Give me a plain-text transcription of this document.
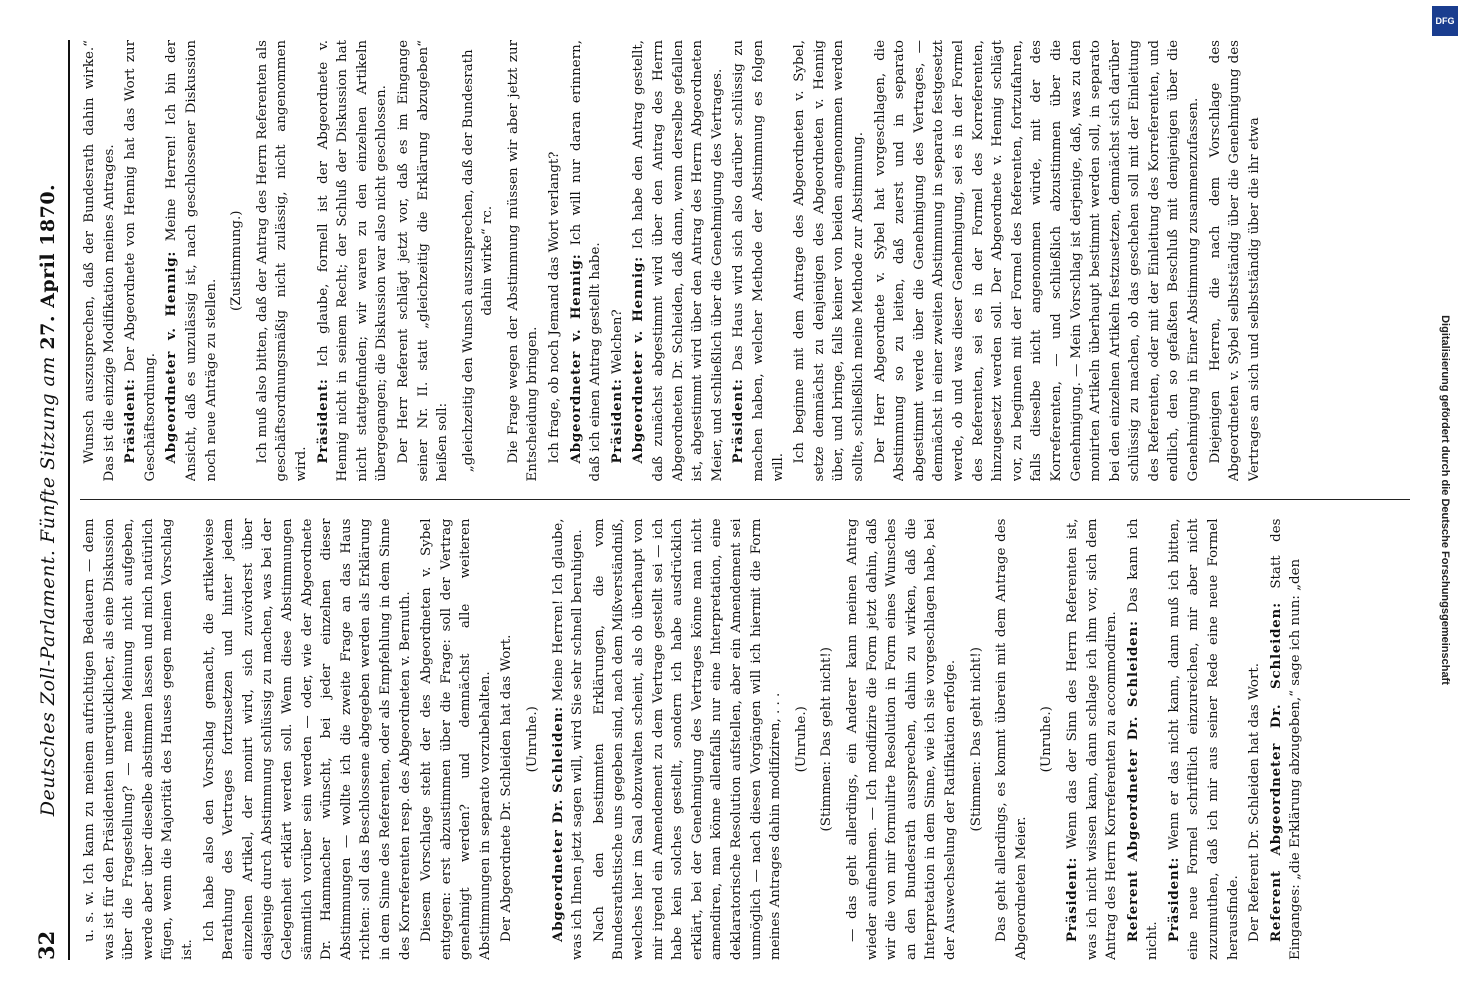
32
Deutsches Zoll-Parlament. Fünfte Sitzung am 27. April 1870.

u. s. w. Ich kann zu meinem aufrichtigen Bedauern — denn was ist für den Präsidenten unerquicklicher, als eine Diskussion über die Fragestellung? — meine Meinung nicht aufgeben, werde aber über dieselbe abstimmen lassen und mich natürlich fügen, wenn die Majorität des Hauses gegen meinen Vorschlag ist.

Ich habe also den Vorschlag gemacht, die artikelweise Berathung des Vertrages fortzusetzen und hinter jedem einzelnen Artikel, der monirt wird, sich zuvörderst über dasjenige durch Abstimmung schlüssig zu machen, was bei der Gelegenheit erklärt werden soll. Wenn diese Abstimmungen sämmtlich vorüber sein werden — oder, wie der Abgeordnete Dr. Hammacher wünscht, bei jeder einzelnen dieser Abstimmungen — wollte ich die zweite Frage an das Haus richten: soll das Beschlossene abgegeben werden als Erklärung in dem Sinne des Referenten, oder als Empfehlung in dem Sinne des Korreferenten resp. des Abgeordneten v. Bernuth. Diesem Vorschlage steht der des Abgeordneten v. Sybel entgegen: erst abzustimmen über die Frage: soll der Vertrag genehmigt werden? und demnächst alle weiteren Abstimmungen in separato vorzubehalten. Der Abgeordnete Dr. Schleiden hat das Wort. (Unruhe.) Abgeordneter Dr. Schleiden: Meine Herren! Ich glaube, was ich Ihnen jetzt sagen will, wird Sie sehr schnell beruhigen. Nach den bestimmten Erklärungen, die vom Bundesrathstische uns gegeben sind, nach dem Mißverständniß, welches hier im Saal obzuwalten scheint, als ob überhaupt von mir irgend ein Amendement zu dem Vertrage gestellt sei — ich habe kein solches gestellt, sondern ich habe ausdrücklich erklärt, bei der Genehmigung des Vertrages könne man nicht amendiren, man könne allenfalls nur eine Interpretation, eine deklaratorische Resolution aufstellen, aber ein Amendement sei unmöglich — nach diesen Vorgängen will ich hiermit die Form meines Antrages dahin modifiziren, . . . (Unruhe.) (Stimmen: Das geht nicht!) — das geht allerdings, ein Anderer kann meinen Antrag wieder aufnehmen. — Ich modifizire die Form jetzt dahin, daß wir die von mir formulirte Resolution in Form eines Wunsches an den Bundesrath aussprechen, dahin zu wirken, daß die Interpretation in dem Sinne, wie ich sie vorgeschlagen habe, bei der Auswechselung der Ratifikation erfolge. (Stimmen: Das geht nicht!) Das geht allerdings, es kommt überein mit dem Antrage des Abgeordneten Meier.

(Unruhe.)

Präsident: Wenn das der Sinn des Herrn Referenten ist, was ich nicht wissen kann, dann schlage ich ihm vor, sich dem Antrag des Herrn Korreferenten zu accommodiren. Referent Abgeordneter Dr. Schleiden: Das kann ich nicht. Präsident: Wenn er das nicht kann, dann muß ich bitten, eine neue Formel schriftlich einzureichen, mir aber nicht zuzumuthen, daß ich mir aus seiner Rede eine neue Formel herausfinde. Der Referent Dr. Schleiden hat das Wort. Referent Abgeordneter Dr. Schleiden: Statt des Einganges: „die Erklärung abzugeben,“ sage ich nun: „den

Wunsch auszusprechen, daß der Bundesrath dahin wirke.“ Das ist die einzige Modifikation meines Antrages. Präsident: Der Abgeordnete von Hennig hat das Wort zur Geschäftsordnung. Abgeordneter v. Hennig: Meine Herren! Ich bin der Ansicht, daß es unzulässig ist, nach geschlossener Diskussion noch neue Anträge zu stellen.

(Zustimmung.) Ich muß also bitten, daß der Antrag des Herrn Referenten als geschäftsordnungsmäßig nicht zulässig, nicht angenommen wird.

Präsident: Ich glaube, formell ist der Abgeordnete v. Hennig nicht in seinem Recht; der Schluß der Diskussion hat nicht stattgefunden; wir waren zu den einzelnen Artikeln übergegangen; die Diskussion war also nicht geschlossen. Der Herr Referent schlägt jetzt vor, daß es im Eingange seiner Nr. II. statt „gleichzeitig die Erklärung abzugeben“ heißen soll: „gleichzeitig den Wunsch auszusprechen, daß der Bundesrath dahin wirke“ rc. Die Frage wegen der Abstimmung müssen wir aber jetzt zur Entscheidung bringen. Ich frage, ob noch Jemand das Wort verlangt? Abgeordneter v. Hennig: Ich will nur daran erinnern, daß ich einen Antrag gestellt habe. Präsident: Welchen? Abgeordneter v. Hennig: Ich habe den Antrag gestellt, daß zunächst abgestimmt wird über den Antrag des Herrn Abgeordneten Dr. Schleiden, daß dann, wenn derselbe gefallen ist, abgestimmt wird über den Antrag des Herrn Abgeordneten Meier, und schließlich über die Genehmigung des Vertrages. Präsident: Das Haus wird sich also darüber schlüssig zu machen haben, welcher Methode der Abstimmung es folgen will.

Ich beginne mit dem Antrage des Abgeordneten v. Sybel, setze demnächst zu denjenigen des Abgeordneten v. Hennig über, und bringe, falls keiner von beiden angenommen werden sollte, schließlich meine Methode zur Abstimmung. Der Herr Abgeordnete v. Sybel hat vorgeschlagen, die Abstimmung so zu leiten, daß zuerst und in separato abgestimmt werde über die Genehmigung des Vertrages, — demnächst in einer zweiten Abstimmung in separato festgesetzt werde, ob und was dieser Genehmigung, sei es in der Formel des Referenten, sei es in der Formel des Korreferenten, hinzugesetzt werden soll. Der Abgeordnete v. Hennig schlägt vor, zu beginnen mit der Formel des Referenten, fortzufahren, falls dieselbe nicht angenommen würde, mit der des Korreferenten, — und schließlich abzustimmen über die Genehmigung. — Mein Vorschlag ist derjenige, daß, was zu den monirten Artikeln überhaupt bestimmt werden soll, in separato bei den einzelnen Artikeln festzusetzen, demnächst sich darüber schlüssig zu machen, ob das geschehen soll mit der Einleitung des Referenten, oder mit der Einleitung des Korreferenten, und endlich, den so gefaßten Beschluß mit demjenigen über die Genehmigung in Einer Abstimmung zusammenzufassen. Diejenigen Herren, die nach dem Vorschlage des Abgeordneten v. Sybel selbstständig über die Genehmigung des Vertrages an sich und selbstständig über die ihr etwa

DFG
Digitalisierung gefördert durch die Deutsche Forschungsgemeinschaft
